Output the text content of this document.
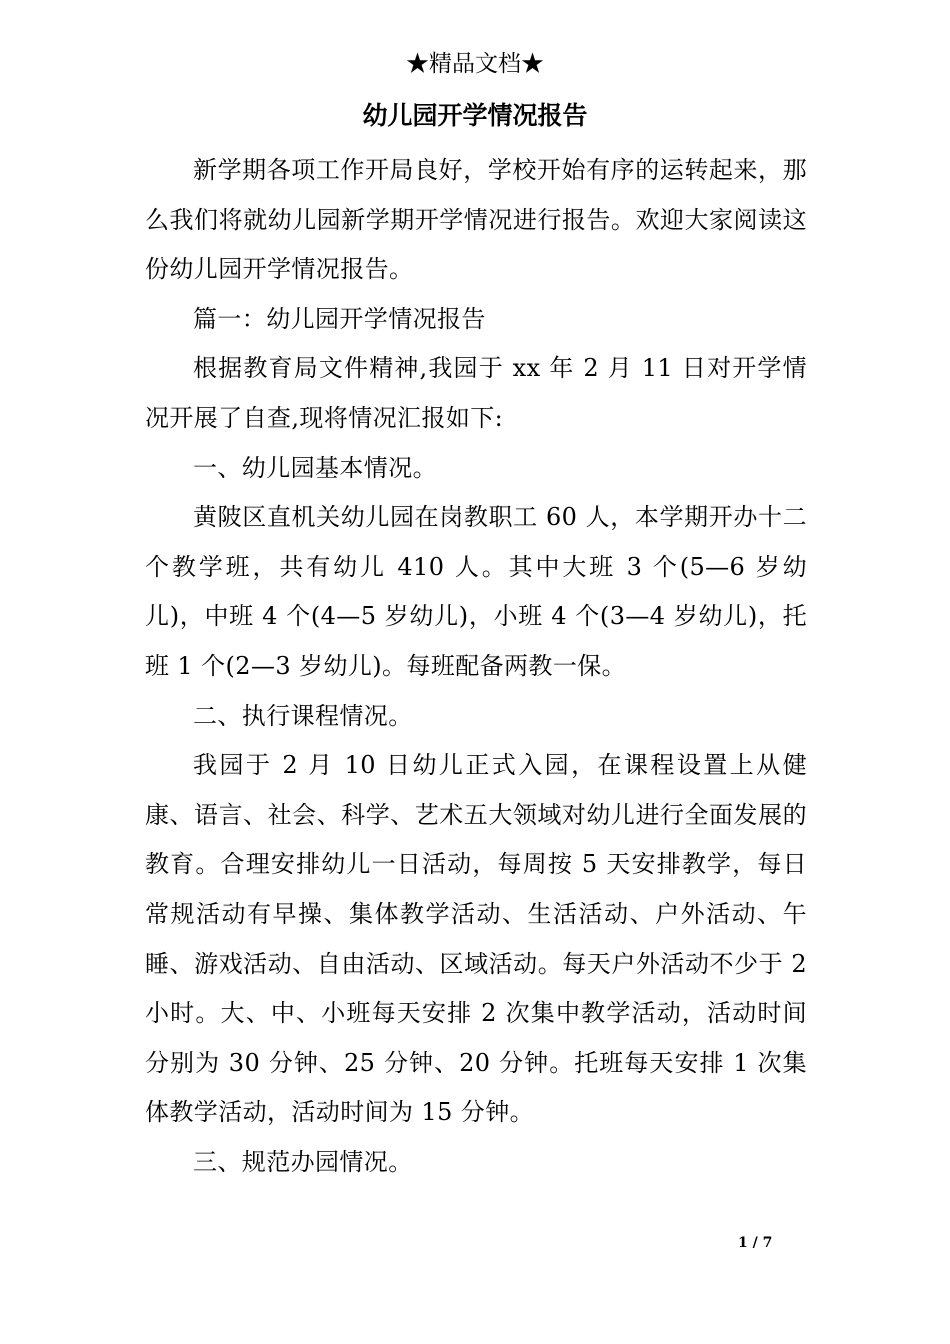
★精品文档★
幼儿园开学情况报告

新学期各项工作开局良好，学校开始有序的运转起来，那么我们将就幼儿园新学期开学情况进行报告。欢迎大家阅读这份幼儿园开学情况报告。

篇一：幼儿园开学情况报告

根据教育局文件精神,我园于 xx 年 2 月 11 日对开学情况开展了自查,现将情况汇报如下:

一、幼儿园基本情况。

黄陂区直机关幼儿园在岗教职工 60 人，本学期开办十二个教学班，共有幼儿 410 人。其中大班 3 个(5—6 岁幼儿)，中班 4 个(4—5 岁幼儿)，小班 4 个(3—4 岁幼儿)，托班 1 个(2—3 岁幼儿)。每班配备两教一保。

二、执行课程情况。

我园于 2 月 10 日幼儿正式入园，在课程设置上从健康、语言、社会、科学、艺术五大领域对幼儿进行全面发展的教育。合理安排幼儿一日活动，每周按 5 天安排教学，每日常规活动有早操、集体教学活动、生活活动、户外活动、午睡、游戏活动、自由活动、区域活动。每天户外活动不少于 2 小时。大、中、小班每天安排 2 次集中教学活动，活动时间分别为 30 分钟、25 分钟、20 分钟。托班每天安排 1 次集体教学活动，活动时间为 15 分钟。

三、规范办园情况。

1 / 7
